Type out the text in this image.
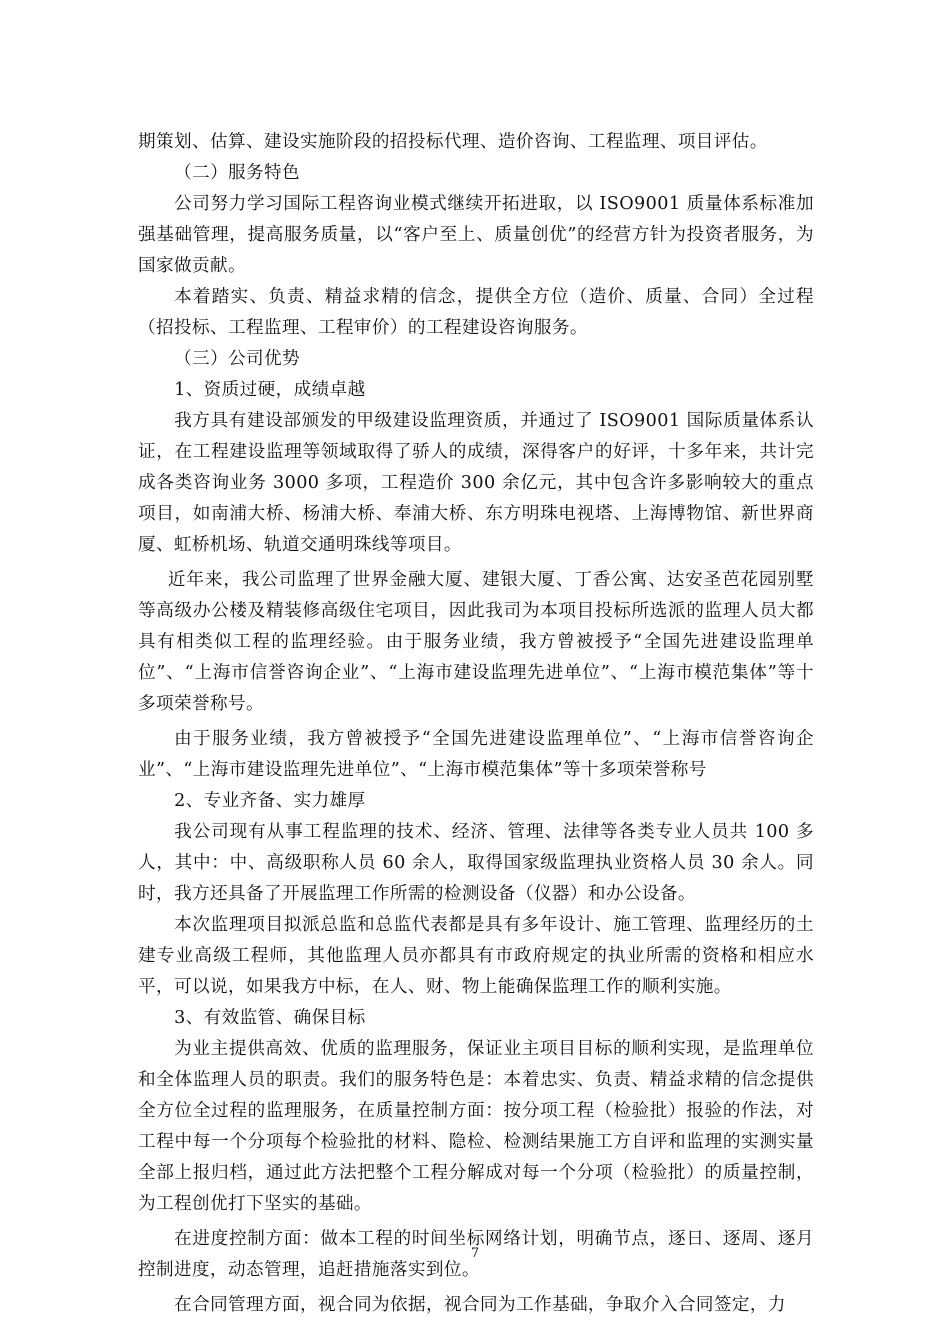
期策划、估算、建设实施阶段的招投标代理、造价咨询、工程监理、项目评估。

（二）服务特色

公司努力学习国际工程咨询业模式继续开拓进取，以 ISO9001 质量体系标准加强基础管理，提高服务质量，以“客户至上、质量创优”的经营方针为投资者服务，为国家做贡献。

本着踏实、负责、精益求精的信念，提供全方位（造价、质量、合同）全过程（招投标、工程监理、工程审价）的工程建设咨询服务。

（三）公司优势

1、资质过硬，成绩卓越

我方具有建设部颁发的甲级建设监理资质，并通过了 ISO9001 国际质量体系认证，在工程建设监理等领域取得了骄人的成绩，深得客户的好评，十多年来，共计完成各类咨询业务 3000 多项，工程造价 300 余亿元，其中包含许多影响较大的重点项目，如南浦大桥、杨浦大桥、奉浦大桥、东方明珠电视塔、上海博物馆、新世界商厦、虹桥机场、轨道交通明珠线等项目。

近年来，我公司监理了世界金融大厦、建银大厦、丁香公寓、达安圣芭花园别墅等高级办公楼及精装修高级住宅项目，因此我司为本项目投标所选派的监理人员大都具有相类似工程的监理经验。由于服务业绩，我方曾被授予“全国先进建设监理单位”、“上海市信誉咨询企业”、“上海市建设监理先进单位”、“上海市模范集体”等十多项荣誉称号。

由于服务业绩，我方曾被授予“全国先进建设监理单位”、“上海市信誉咨询企业”、“上海市建设监理先进单位”、“上海市模范集体”等十多项荣誉称号

2、专业齐备、实力雄厚

我公司现有从事工程监理的技术、经济、管理、法律等各类专业人员共 100 多人，其中：中、高级职称人员 60 余人，取得国家级监理执业资格人员 30 余人。同时，我方还具备了开展监理工作所需的检测设备（仪器）和办公设备。

本次监理项目拟派总监和总监代表都是具有多年设计、施工管理、监理经历的土建专业高级工程师，其他监理人员亦都具有市政府规定的执业所需的资格和相应水平，可以说，如果我方中标，在人、财、物上能确保监理工作的顺利实施。

3、有效监管、确保目标

为业主提供高效、优质的监理服务，保证业主项目目标的顺利实现，是监理单位和全体监理人员的职责。我们的服务特色是：本着忠实、负责、精益求精的信念提供全方位全过程的监理服务，在质量控制方面：按分项工程（检验批）报验的作法，对工程中每一个分项每个检验批的材料、隐检、检测结果施工方自评和监理的实测实量全部上报归档，通过此方法把整个工程分解成对每一个分项（检验批）的质量控制，为工程创优打下坚实的基础。

在进度控制方面：做本工程的时间坐标网络计划，明确节点，逐日、逐周、逐月控制进度，动态管理，追赶措施落实到位。

在合同管理方面，视合同为依据，视合同为工作基础，争取介入合同签定，力

7
